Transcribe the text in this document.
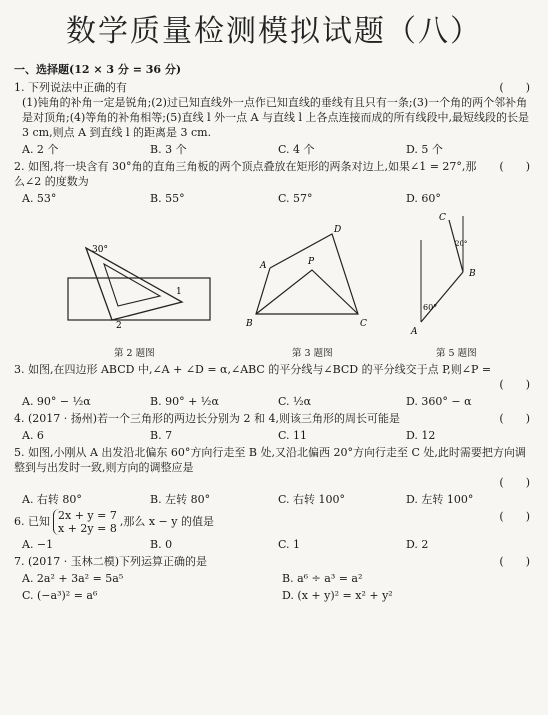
数学质量检测模拟试题（八）
一、选择题(12 × 3 分 = 36 分)
1. 下列说法中正确的有	(　　)
(1)钝角的补角一定是锐角;(2)过已知直线外一点作已知直线的垂线有且只有一条;(3)一个角的两个邻补角是对顶角;(4)等角的补角相等;(5)直线 l 外一点 A 与直线 l 上各点连接而成的所有线段中,最短线段的长是 3 cm,则点 A 到直线 l 的距离是 3 cm.
A. 2 个	B. 3 个	C. 4 个	D. 5 个
2. 如图,将一块含有 30°角的直角三角板的两个顶点叠放在矩形的两条对边上,如果∠1 = 27°,那么∠2 的度数为
(　　)
A. 53°	B. 55°	C. 57°	D. 60°
30°
1
2
A
D
P
B	C
A
B
C
60°
20°
第 2 题图	第 3 题图	第 5 题图
3. 如图,在四边形 ABCD 中,∠A + ∠D = α,∠ABC 的平分线与∠BCD 的平分线交于点 P,则∠P =
(　　)
A. 90° − ½α	B. 90° + ½α	C. ½α	D. 360° − α
4. (2017 · 扬州)若一个三角形的两边长分别为 2 和 4,则该三角形的周长可能是	(　　)
A. 6	B. 7	C. 11	D. 12
5. 如图,小刚从 A 出发沿北偏东 60°方向行走至 B 处,又沿北偏西 20°方向行走至 C 处,此时需要把方向调整到与出发时一致,则方向的调整应是
(　　)
A. 右转 80°	B. 左转 80°	C. 右转 100°	D. 左转 100°
6. 已知 2x + y = 7
x + 2y = 8,那么 x − y 的值是	(　　)
A. −1	B. 0	C. 1	D. 2
7. (2017 · 玉林二模)下列运算正确的是	(　　)
A. 2a² + 3a² = 5a⁵	B. a⁶ ÷ a³ = a²
C. (−a³)² = a⁶	D. (x + y)² = x² + y²
